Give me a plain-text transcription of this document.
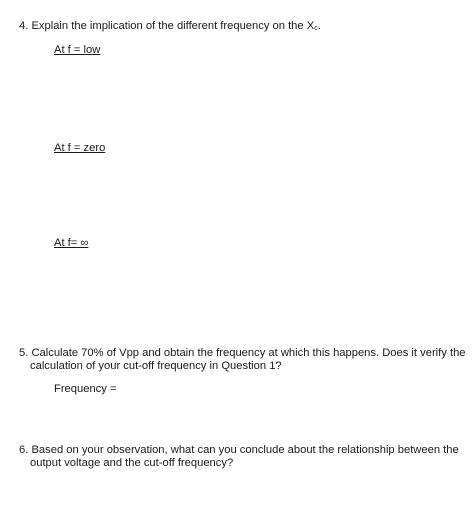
4. Explain the implication of the different frequency on the $X_c$.
At f = low
At f = zero
At f= ∞
5. Calculate 70% of Vpp and obtain the frequency at which this happens. Does it verify the
calculation of your cut-off frequency in Question 1?
Frequency =
6. Based on your observation, what can you conclude about the relationship between the
output voltage and the cut-off frequency?
